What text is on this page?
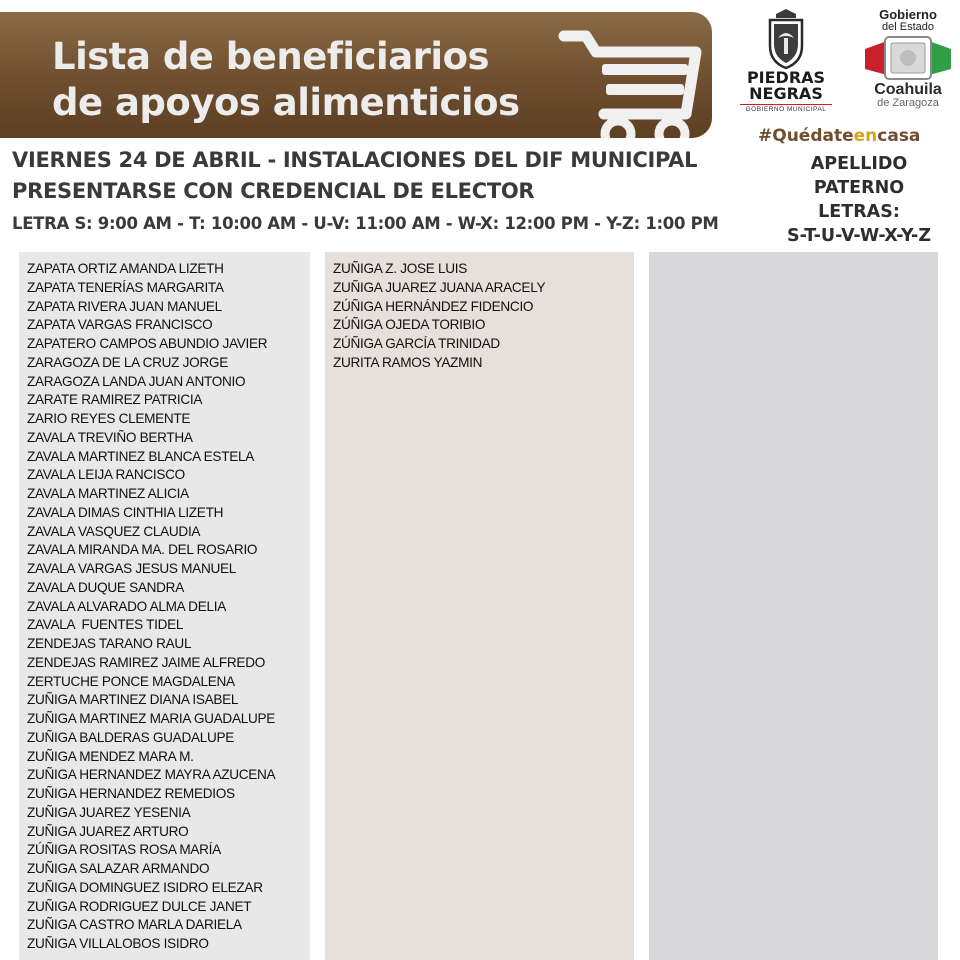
Lista de beneficiarios
de apoyos alimenticios
PIEDRAS
NEGRAS
GOBIERNO MUNICIPAL
Gobierno
del Estado
Coahuila
de Zaragoza
#Quédateencasa
VIERNES 24 DE ABRIL - INSTALACIONES DEL DIF MUNICIPAL
PRESENTARSE CON CREDENCIAL DE ELECTOR
LETRA S: 9:00 AM - T: 10:00 AM - U-V: 11:00 AM - W-X: 12:00 PM - Y-Z: 1:00 PM
APELLIDO
PATERNO
LETRAS:
S-T-U-V-W-X-Y-Z
ZAPATA ORTIZ AMANDA LIZETH
ZAPATA TENERÍAS MARGARITA
ZAPATA RIVERA JUAN MANUEL
ZAPATA VARGAS FRANCISCO
ZAPATERO CAMPOS ABUNDIO JAVIER
ZARAGOZA DE LA CRUZ JORGE
ZARAGOZA LANDA JUAN ANTONIO
ZARATE RAMIREZ PATRICIA
ZARIO REYES CLEMENTE
ZAVALA TREVIÑO BERTHA
ZAVALA MARTINEZ BLANCA ESTELA
ZAVALA LEIJA RANCISCO
ZAVALA MARTINEZ ALICIA
ZAVALA DIMAS CINTHIA LIZETH
ZAVALA VASQUEZ CLAUDIA
ZAVALA MIRANDA MA. DEL ROSARIO
ZAVALA VARGAS JESUS MANUEL
ZAVALA DUQUE SANDRA
ZAVALA ALVARADO ALMA DELIA
ZAVALA  FUENTES TIDEL
ZENDEJAS TARANO RAUL
ZENDEJAS RAMIREZ JAIME ALFREDO
ZERTUCHE PONCE MAGDALENA
ZUÑIGA MARTINEZ DIANA ISABEL
ZUÑIGA MARTINEZ MARIA GUADALUPE
ZUÑIGA BALDERAS GUADALUPE
ZUÑIGA MENDEZ MARA M.
ZUÑIGA HERNANDEZ MAYRA AZUCENA
ZUÑIGA HERNANDEZ REMEDIOS
ZUÑIGA JUAREZ YESENIA
ZUÑIGA JUAREZ ARTURO
ZÚÑIGA ROSITAS ROSA MARÍA
ZUÑIGA SALAZAR ARMANDO
ZUÑIGA DOMINGUEZ ISIDRO ELEZAR
ZUÑIGA RODRIGUEZ DULCE JANET
ZUÑIGA CASTRO MARLA DARIELA
ZUÑIGA VILLALOBOS ISIDRO
ZUÑIGA Z. JOSE LUIS
ZUÑIGA JUAREZ JUANA ARACELY
ZÚÑIGA HERNÁNDEZ FIDENCIO
ZÚÑIGA OJEDA TORIBIO
ZÚÑIGA GARCÍA TRINIDAD
ZURITA RAMOS YAZMIN
